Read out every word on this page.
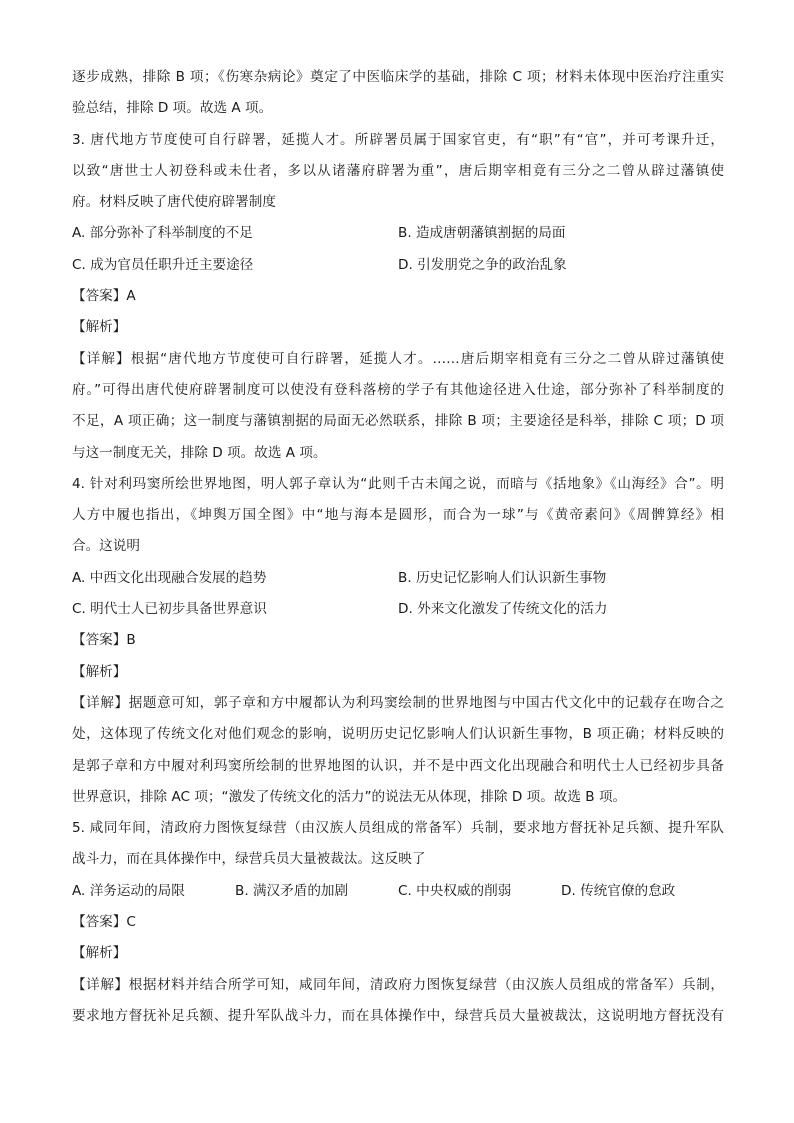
逐步成熟，排除 B 项；《伤寒杂病论》奠定了中医临床学的基础，排除 C 项；材料未体现中医治疗注重实
验总结，排除 D 项。故选 A 项。
3. 唐代地方节度使可自行辟署，延揽人才。所辟署员属于国家官吏，有“职”有“官”，并可考课升迁，
以致“唐世士人初登科或未仕者，多以从诸藩府辟署为重”，唐后期宰相竟有三分之二曾从辟过藩镇使
府。材料反映了唐代使府辟署制度
A. 部分弥补了科举制度的不足	B. 造成唐朝藩镇割据的局面
C. 成为官员任职升迁主要途径	D. 引发朋党之争的政治乱象
【答案】A
【解析】
【详解】根据“唐代地方节度使可自行辟署，延揽人才。……唐后期宰相竟有三分之二曾从辟过藩镇使
府。”可得出唐代使府辟署制度可以使没有登科落榜的学子有其他途径进入仕途，部分弥补了科举制度的
不足，A 项正确；这一制度与藩镇割据的局面无必然联系，排除 B 项；主要途径是科举，排除 C 项；D 项
与这一制度无关，排除 D 项。故选 A 项。
4. 针对利玛窦所绘世界地图，明人郭子章认为“此则千古未闻之说，而暗与《括地象》《山海经》合”。明
人方中履也指出，《坤舆万国全图》中“地与海本是圆形，而合为一球”与《黄帝素问》《周髀算经》相
合。这说明
A. 中西文化出现融合发展的趋势	B. 历史记忆影响人们认识新生事物
C. 明代士人已初步具备世界意识	D. 外来文化激发了传统文化的活力
【答案】B
【解析】
【详解】据题意可知，郭子章和方中履都认为利玛窦绘制的世界地图与中国古代文化中的记载存在吻合之
处，这体现了传统文化对他们观念的影响，说明历史记忆影响人们认识新生事物，B 项正确；材料反映的
是郭子章和方中履对利玛窦所绘制的世界地图的认识，并不是中西文化出现融合和明代士人已经初步具备
世界意识，排除 AC 项；“激发了传统文化的活力”的说法无从体现，排除 D 项。故选 B 项。
5. 咸同年间，清政府力图恢复绿营（由汉族人员组成的常备军）兵制，要求地方督抚补足兵额、提升军队
战斗力，而在具体操作中，绿营兵员大量被裁汰。这反映了
A. 洋务运动的局限	B. 满汉矛盾的加剧	C. 中央权威的削弱	D. 传统官僚的怠政
【答案】C
【解析】
【详解】根据材料并结合所学可知，咸同年间，清政府力图恢复绿营（由汉族人员组成的常备军）兵制，
要求地方督抚补足兵额、提升军队战斗力，而在具体操作中，绿营兵员大量被裁汰，这说明地方督抚没有
